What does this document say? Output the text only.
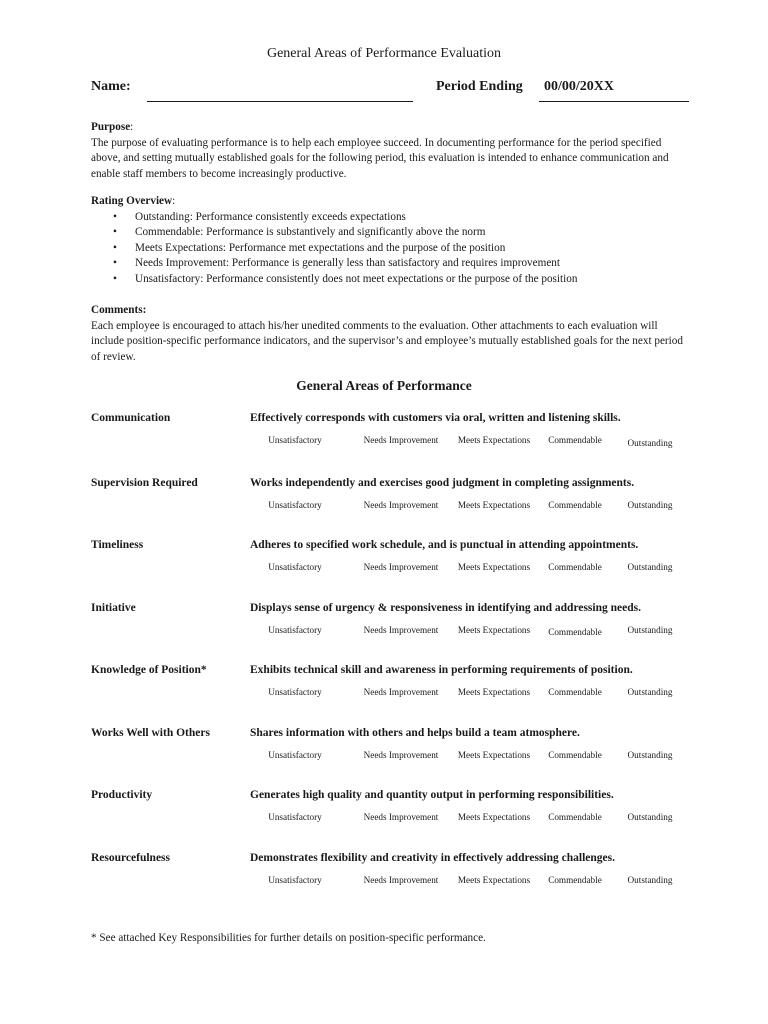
General Areas of Performance Evaluation
Name:	Period Ending 00/00/20XX
Purpose:
The purpose of evaluating performance is to help each employee succeed. In documenting performance for the period specified above, and setting mutually established goals for the following period, this evaluation is intended to enhance communication and enable staff members to become increasingly productive.
Rating Overview:
• Outstanding: Performance consistently exceeds expectations
• Commendable: Performance is substantively and significantly above the norm
• Meets Expectations: Performance met expectations and the purpose of the position
• Needs Improvement: Performance is generally less than satisfactory and requires improvement
• Unsatisfactory: Performance consistently does not meet expectations or the purpose of the position
Comments:
Each employee is encouraged to attach his/her unedited comments to the evaluation. Other attachments to each evaluation will include position-specific performance indicators, and the supervisor’s and employee’s mutually established goals for the next period of review.
General Areas of Performance
Communication	Effectively corresponds with customers via oral, written and listening skills.
Unsatisfactory	Needs Improvement	Meets Expectations	Commendable	Outstanding
Supervision Required	Works independently and exercises good judgment in completing assignments.
Unsatisfactory	Needs Improvement	Meets Expectations	Commendable	Outstanding
Timeliness	Adheres to specified work schedule, and is punctual in attending appointments.
Unsatisfactory	Needs Improvement	Meets Expectations	Commendable	Outstanding
Initiative	Displays sense of urgency & responsiveness in identifying and addressing needs.
Unsatisfactory	Needs Improvement	Meets Expectations	Commendable	Outstanding
Knowledge of Position*	Exhibits technical skill and awareness in performing requirements of position.
Unsatisfactory	Needs Improvement	Meets Expectations	Commendable	Outstanding
Works Well with Others	Shares information with others and helps build a team atmosphere.
Unsatisfactory	Needs Improvement	Meets Expectations	Commendable	Outstanding
Productivity	Generates high quality and quantity output in performing responsibilities.
Unsatisfactory	Needs Improvement	Meets Expectations	Commendable	Outstanding
Resourcefulness	Demonstrates flexibility and creativity in effectively addressing challenges.
Unsatisfactory	Needs Improvement	Meets Expectations	Commendable	Outstanding
* See attached Key Responsibilities for further details on position-specific performance.
